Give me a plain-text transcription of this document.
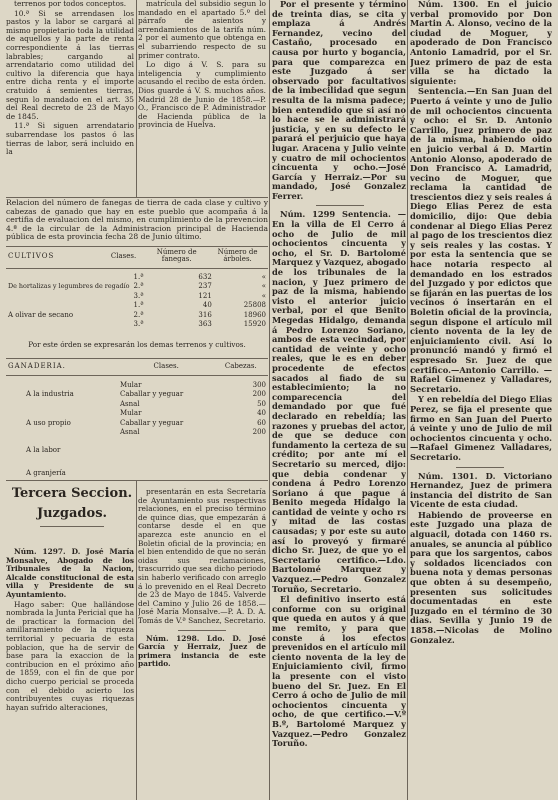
terrenos por todos conceptos.

10.ª Si se arrendasen los pastos y la labor se cargará al mismo propietario toda la utilidad de aquellos y la parte de renta correspondiente á las tierras labrables; cargando al arrendatario como utilidad del cultivo la diferencia que haya entre dicha renta y el importe cratuido á semientes tierras, segun lo mandado en el art. 35 del Real decreto de 23 de Mayo de 1845.

11.ª Si siguen arrendatario subarrendase los pastos ó las tierras de labor, será incluido en la

matrícula del subsidio segun lo mandado en el apartado 5.º del párrafo de asientos y arrendamientos de la tarifa núm. 2 por el aumento que obtenga en el subarriendo respecto de su primer contrato.

Lo digo á V. S. para su inteligencia y cumplimiento acusando el recibo de esta órden. Dios guarde á V. S. muchos años. Madrid 28 de Junio de 1858.—P. O., Francisco de P. Administrador de Hacienda pública de la provincia de Huelva.

Relacion del número de fanegas de tierra de cada clase y cultivo y cabezas de ganado que hay en este pueblo que acompaña á la certifia de evaluacion del mismo, en cumplimiento de la prevencion 4.ª de la circular de la Administracion principal de Hacienda pública de esta provincia fecha 28 de Junio último.
CULTIVOS	Clases.	Número de fanegas.	Número de árboles.
	1.ª	632	«
De hortalizas y legumbres de regadío	2.ª	237	«
	3.ª	121	«
	1.ª	40	25808
A olivar de secano	2.ª	316	18960
	3.ª	363	15920
Por este órden se expresarán los demas terrenos y cultivos.
GANADERIA.	Clases.	Cabezas.
	Mular	300
A la industria	Caballar y yeguar	200
	Asnal	50
	Mular	40
A uso propio	Caballar y yeguar	60
	Asnal	200
A la labor		
A granjería		
Tercera Seccion.
Juzgados.

Núm. 1297. D. José María Monsalve, Abogado de los Tribunales de la Nacion, Alcalde constitucional de esta villa y Presidente de su Ayuntamiento.

Hago saber: Que hallándose nombrada la Junta Pericial que ha de practicar la formacion del amillaramiento de la riqueza territorial y pecuaria de esta poblacion, que ha de servir de base para la exaccion de la contribucion en el próximo año de 1859, con el fin de que por dicho cuerpo pericial se proceda con el debido acierto los contribuyentes cuyas riquezas hayan sufrido alteraciones,

presentarán en esta Secretaría de Ayuntamiento sus respectivas relaciones, en el preciso término de quince dias, que empezarán á contarse desde el en que aparezca este anuncio en el Boletin oficial de la provincia; en el bien entendido de que no serán oidas sus reclamaciones, trascurrido que sea dicho periodo sin haberlo verificado con arreglo á lo prevenido en el Real Decreto de 23 de Mayo de 1845. Valverde del Camino y Julio 26 de 1858.—José María Monsalve.—P. A. D. A. Tomás de V.ª Sanchez, Secretario.

Núm. 1298. Ldo. D. José García y Herraiz, Juez de primera instancia de este partido.

Por el presente y término de treinta dias, se cita y emplaza á Andrés Fernandez, vecino del Castaño, procesado en causa por hurto y bogancia, para que comparezca en este Juzgado á ser observado por facultativos de la imbecilidad que segun resulta de la misma padece; bien entendido que si así no lo hace se le administrará justicia, y en su defecto le parará el perjuicio que haya lugar. Aracena y Julio veinte y cuatro de mil ochocientos cincuenta y ocho.—José García y Herraiz.—Por su mandado, José Gonzalez Ferrer.

Núm. 1299 Sentencia. —En la villa de El Cerro á ocho de Julio de mil ochocientos cincuenta y ocho, el Sr. D. Bartolomé Marquez y Vazquez, abogado de los tribunales de la nacion, y Juez primero de paz de la misma, habiendo visto el anterior juicio verbal, por el que Benito Megedas Hidalgo, demanda á Pedro Lorenzo Soriano, ambos de esta vecindad, por cantidad de veinte y ocho reales, que le es en deber procedente de efectos sacados al fiado de su establecimiento; la no comparecencia del demandado por que fué declarado en rebeldía; las razones y pruebas del actor, de que se deduce con fundamento la certeza de su crédito; por ante mí el Secretario su merced, dijo: que debia condenar y condena á Pedro Lorenzo Soriano á que pague á Benito megeda Hidalgo la cantidad de veinte y ocho rs y mitad de las costas causadas; y por este su auto así lo proveyó y firmaré dicho Sr. Juez, de que yo el Secretario certifico.—Ldo. Bartolomé Marquez y Vazquez.—Pedro Gonzalez Toruño, Secretario.

El definitivo inserto está conforme con su original que queda en autos y á que me remito, y para que conste á los efectos prevenidos en el artículo mil ciento noventa de la ley de Enjuiciamiento civil, firmo la presente con el visto bueno del Sr. Juez. En El Cerro á ocho de Julio de mil ochocientos cincuenta y ocho, de que certifico.—V.º B.º, Bartolomé Marquez y Vazquez.—Pedro Gonzalez Toruño.

Núm. 1300. En el juicio verbal promovido por Don Martin A. Alonso, vecino de la ciudad de Moguer, y apoderado de Don Francisco Antonio Lamadrid, por el Sr. Juez primero de paz de esta villa se ha dictado la siguiente:

Sentencia.—En San Juan del Puerto á veinte y uno de Julio de mil ochocientos cincuenta y ocho: el Sr. D. Antonio Carrillo, Juez primero de paz de la misma, habiendo oido en juicio verbal á D. Martin Antonio Alonso, apoderado de Don Francisco A. Lamadrid, vecino de Moguer, que reclama la cantidad de trescientos diez y seis reales á Diego Elias Perez de esta domicilio, dijo: Que debia condenar al Diego Elias Perez al pago de los trescientos diez y seis reales y las costas. Y por esta la sentencia que se hace notaria respecto al demandado en los estrados del Juzgado y por edictos que se fijarán en las puertas de los vecinos ó insertarán en el Boletin oficial de la provincia, segun dispone el artículo mil ciento noventa de la ley de enjuiciamiento civil. Así lo pronunció mandó y firmó el espresado Sr. Juez de que certifico.—Antonio Carrillo. —Rafael Gimenez y Valladares, Secretario.

Y en rebeldía del Diego Elias Perez, se fija el presente que firmo en San Juan del Puerto á veinte y uno de Julio de mil ochocientos cincuenta y ocho.—Rafael Gimenez Valladares, Secretario.

Núm. 1301. D. Victoriano Hernandez, Juez de primera instancia del distrito de San Vicente de esta ciudad.

Habiendo de proveerse en este Juzgado una plaza de alguacil, dotada con 1460 rs. anuales, se anuncia al público para que los sargentos, cabos y soldados licenciados con buena nota y demas personas que obten á su desempeño, presenten sus solicitudes documentadas en este Juzgado en el término de 30 dias. Sevilla y Junio 19 de 1858.—Nicolas de Molino Gonzalez.
